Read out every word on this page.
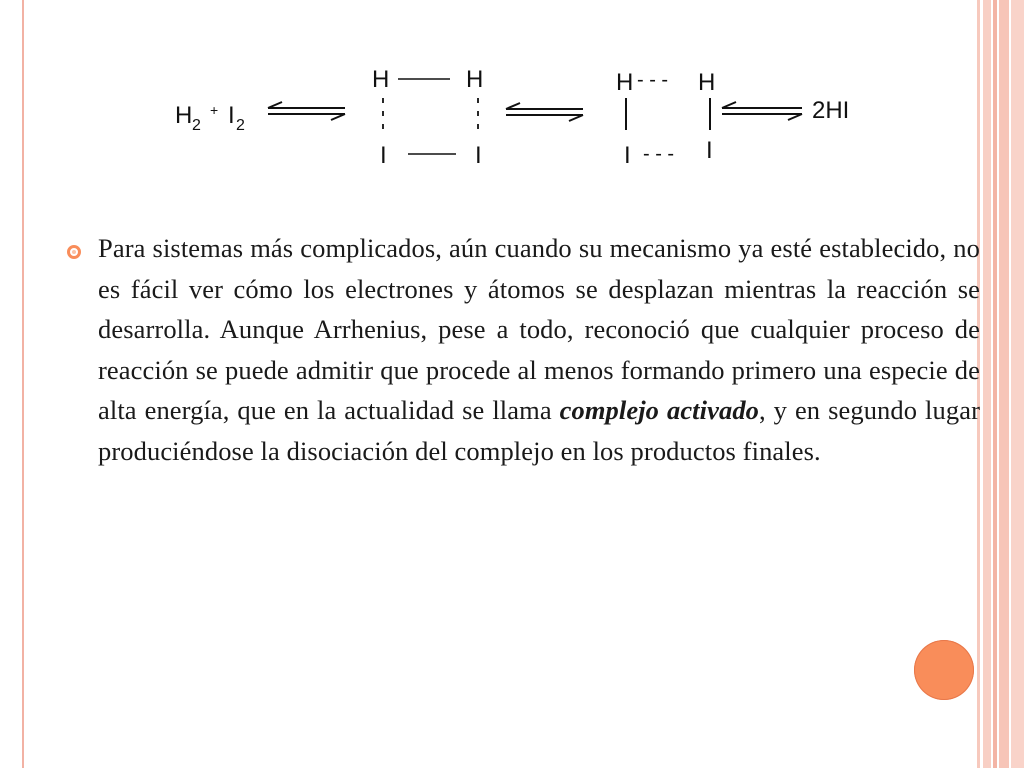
H 2
+ I 2
H	H
I	I
H - - - H
I - - - I
2HI

Para sistemas más complicados, aún cuando su mecanismo ya esté establecido, no es fácil ver cómo los electrones y átomos se desplazan mientras la reacción se desarrolla. Aunque Arrhenius, pese a todo, reconoció que cualquier proceso de reacción se puede admitir que procede al menos formando primero una especie de alta energía, que en la actualidad se llama complejo activado, y en segundo lugar produciéndose la disociación del complejo en los productos finales.
